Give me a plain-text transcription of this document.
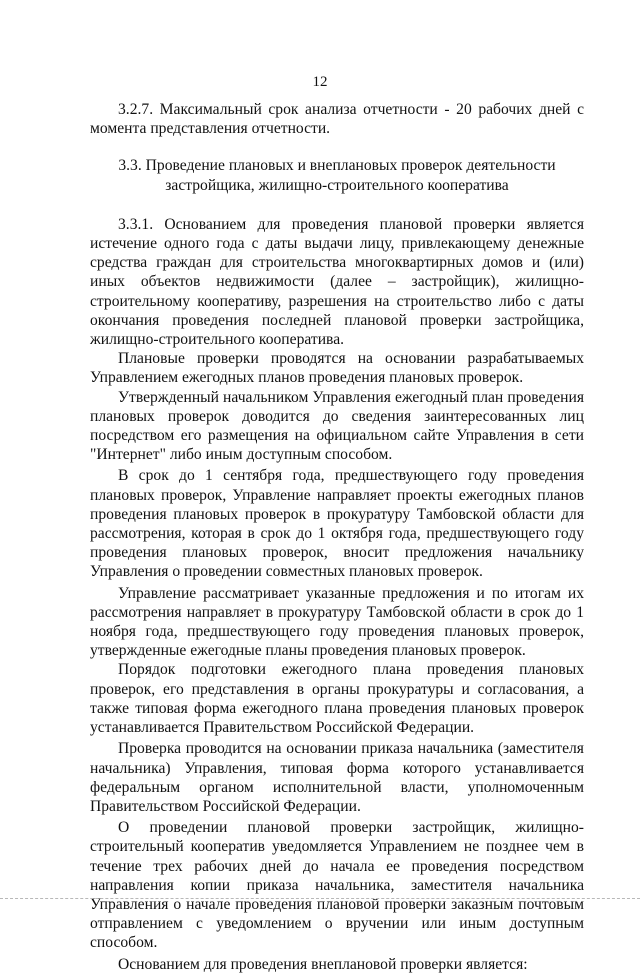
12

3.2.7. Максимальный срок анализа отчетности - 20 рабочих дней с момента представления отчетности.

3.3. Проведение плановых и внеплановых проверок деятельности застройщика, жилищно-строительного кооператива

3.3.1. Основанием для проведения плановой проверки является истечение одного года с даты выдачи лицу, привлекающему денежные средства граждан для строительства многоквартирных домов и (или) иных объектов недвижимости (далее – застройщик), жилищно-строительному кооперативу, разрешения на строительство либо с даты окончания проведения последней плановой проверки застройщика, жилищно-строительного кооператива.

Плановые проверки проводятся на основании разрабатываемых Управлением ежегодных планов проведения плановых проверок.

Утвержденный начальником Управления ежегодный план проведения плановых проверок доводится до сведения заинтересованных лиц посредством его размещения на официальном сайте Управления в сети "Интернет" либо иным доступным способом.

В срок до 1 сентября года, предшествующего году проведения плановых проверок, Управление направляет проекты ежегодных планов проведения плановых проверок в прокуратуру Тамбовской области для рассмотрения, которая в срок до 1 октября года, предшествующего году проведения плановых проверок, вносит предложения начальнику Управления о проведении совместных плановых проверок.

Управление рассматривает указанные предложения и по итогам их рассмотрения направляет в прокуратуру Тамбовской области в срок до 1 ноября года, предшествующего году проведения плановых проверок, утвержденные ежегодные планы проведения плановых проверок.

Порядок подготовки ежегодного плана проведения плановых проверок, его представления в органы прокуратуры и согласования, а также типовая форма ежегодного плана проведения плановых проверок устанавливается Правительством Российской Федерации.

Проверка проводится на основании приказа начальника (заместителя начальника) Управления, типовая форма которого устанавливается федеральным органом исполнительной власти, уполномоченным Правительством Российской Федерации.

О проведении плановой проверки застройщик, жилищно-строительный кооператив уведомляется Управлением не позднее чем в течение трех рабочих дней до начала ее проведения посредством направления копии приказа начальника, заместителя начальника Управления о начале проведения плановой проверки заказным почтовым отправлением с уведомлением о вручении или иным доступным способом.

Основанием для проведения внеплановой проверки является:
